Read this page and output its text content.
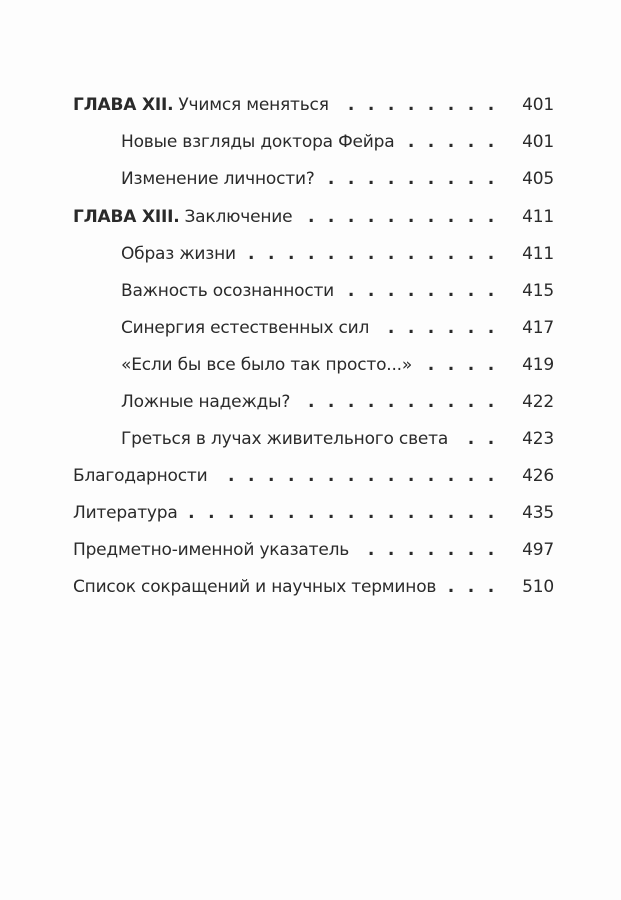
ГЛАВА XII. Учимся меняться . . .	401
Новые взгляды доктора Фейра . . .	401
Изменение личности? . . .	405
ГЛАВА XIII. Заключение . . .	411
Образ жизни . . .	411
Важность осознанности . . .	415
Синергия естественных сил . . .	417
«Если бы все было так просто...» . . .	419
Ложные надежды? . . .	422
Греться в лучах живительного света . . .	423
Благодарности . . .	426
Литература . . .	435
Предметно-именной указатель . . .	497
Список сокращений и научных терминов . . .	510
